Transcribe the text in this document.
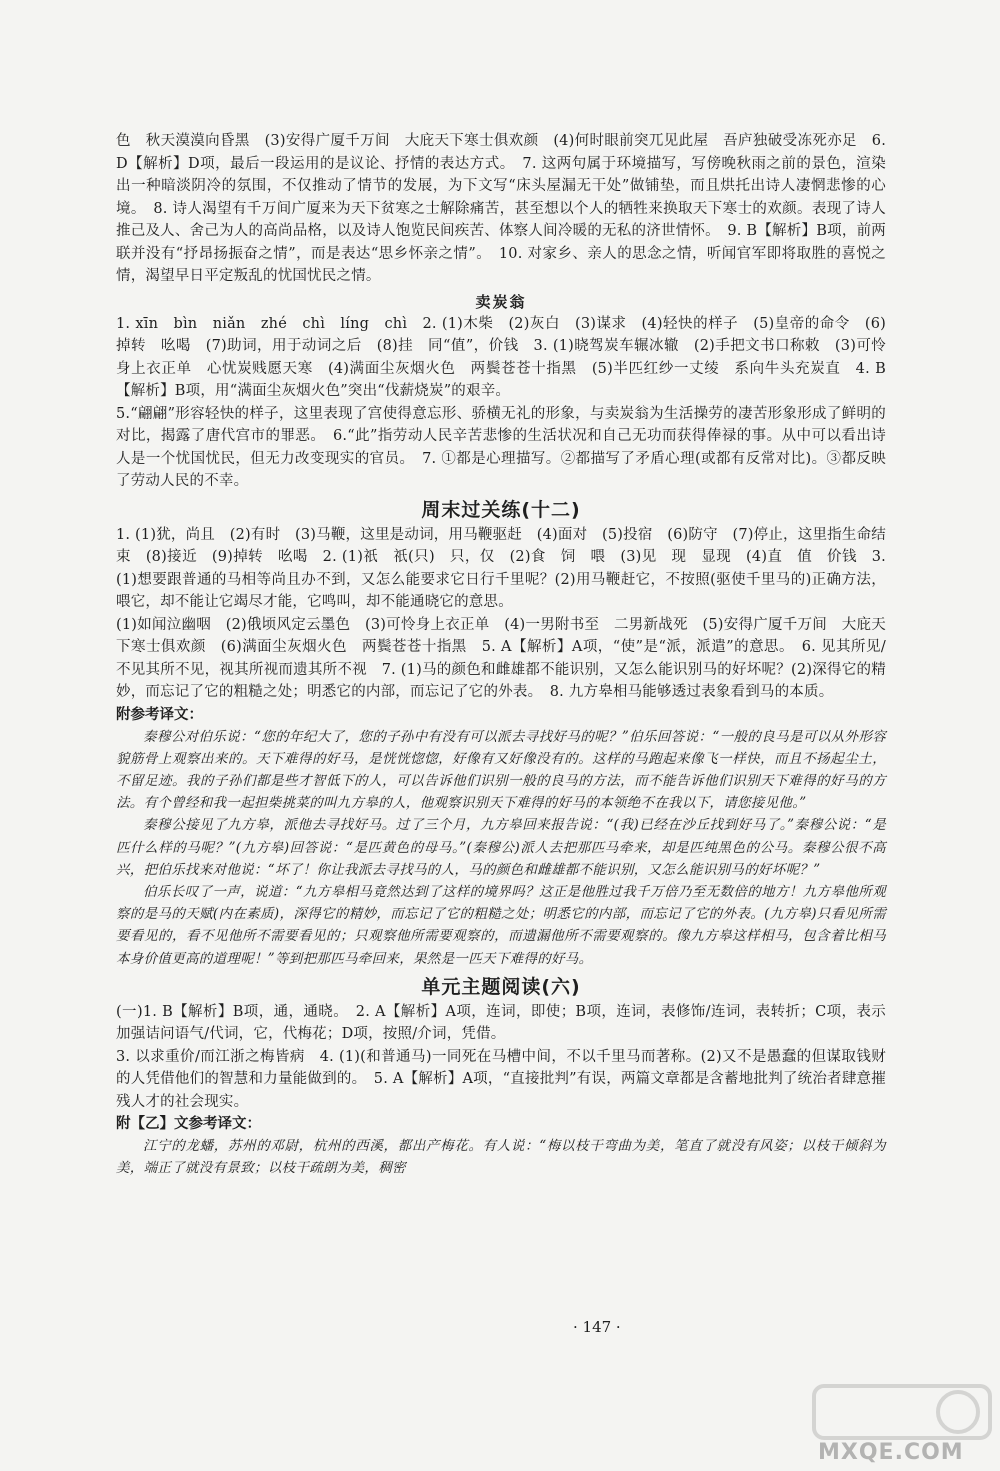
色　秋天漠漠向昏黑　(3)安得广厦千万间　大庇天下寒士俱欢颜　(4)何时眼前突兀见此屋　吾庐独破受冻死亦足　6. D【解析】D项，最后一段运用的是议论、抒情的表达方式。　7. 这两句属于环境描写，写傍晚秋雨之前的景色，渲染出一种暗淡阴冷的氛围，不仅推动了情节的发展，为下文写“床头屋漏无干处”做铺垫，而且烘托出诗人凄惘悲惨的心境。　8. 诗人渴望有千万间广厦来为天下贫寒之士解除痛苦，甚至想以个人的牺牲来换取天下寒士的欢颜。表现了诗人推己及人、舍己为人的高尚品格，以及诗人饱览民间疾苦、体察人间冷暖的无私的济世情怀。　9. B【解析】B项，前两联并没有“抒昂扬振奋之情”，而是表达“思乡怀亲之情”。　10. 对家乡、亲人的思念之情，听闻官军即将取胜的喜悦之情，渴望早日平定叛乱的忧国忧民之情。

卖炭翁

1. xīn　bìn　niǎn　zhé　chì　líng　chì　2. (1)木柴　(2)灰白　(3)谋求　(4)轻快的样子　(5)皇帝的命令　(6)掉转　吆喝　(7)助词，用于动词之后　(8)挂　同“值”，价钱　3. (1)晓驾炭车辗冰辙　(2)手把文书口称敕　(3)可怜身上衣正单　心忧炭贱愿天寒　(4)满面尘灰烟火色　两鬓苍苍十指黑　(5)半匹红纱一丈绫　系向牛头充炭直　4. B【解析】B项，用“满面尘灰烟火色”突出“伐薪烧炭”的艰辛。

5.“翩翩”形容轻快的样子，这里表现了宫使得意忘形、骄横无礼的形象，与卖炭翁为生活操劳的凄苦形象形成了鲜明的对比，揭露了唐代宫市的罪恶。　6.“此”指劳动人民辛苦悲惨的生活状况和自己无功而获得俸禄的事。从中可以看出诗人是一个忧国忧民，但无力改变现实的官员。　7. ①都是心理描写。②都描写了矛盾心理(或都有反常对比)。③都反映了劳动人民的不幸。

周末过关练(十二)

1. (1)犹，尚且　(2)有时　(3)马鞭，这里是动词，用马鞭驱赶　(4)面对　(5)投宿　(6)防守　(7)停止，这里指生命结束　(8)接近　(9)掉转　吆喝　2. (1)祇　祇(只)　只，仅　(2)食　饲　喂　(3)见　现　显现　(4)直　值　价钱　3. (1)想要跟普通的马相等尚且办不到，又怎么能要求它日行千里呢？(2)用马鞭赶它，不按照(驱使千里马的)正确方法，喂它，却不能让它竭尽才能，它鸣叫，却不能通晓它的意思。

(1)如闻泣幽咽　(2)俄顷风定云墨色　(3)可怜身上衣正单　(4)一男附书至　二男新战死　(5)安得广厦千万间　大庇天下寒士俱欢颜　(6)满面尘灰烟火色　两鬓苍苍十指黑　5. A【解析】A项，“使”是“派，派遣”的意思。　6. 见其所见/不见其所不见，视其所视而遗其所不视　7. (1)马的颜色和雌雄都不能识别，又怎么能识别马的好坏呢？(2)深得它的精妙，而忘记了它的粗糙之处；明悉它的内部，而忘记了它的外表。　8. 九方皋相马能够透过表象看到马的本质。

附参考译文：

秦穆公对伯乐说：“您的年纪大了，您的子孙中有没有可以派去寻找好马的呢？”伯乐回答说：“一般的良马是可以从外形容貌筋骨上观察出来的。天下难得的好马，是恍恍惚惚，好像有又好像没有的。这样的马跑起来像飞一样快，而且不扬起尘土，不留足迹。我的子孙们都是些才智低下的人，可以告诉他们识别一般的良马的方法，而不能告诉他们识别天下难得的好马的方法。有个曾经和我一起担柴挑菜的叫九方皋的人，他观察识别天下难得的好马的本领绝不在我以下，请您接见他。”

秦穆公接见了九方皋，派他去寻找好马。过了三个月，九方皋回来报告说：“(我)已经在沙丘找到好马了。”秦穆公说：“是匹什么样的马呢？”(九方皋)回答说：“是匹黄色的母马。”(秦穆公)派人去把那匹马牵来，却是匹纯黑色的公马。秦穆公很不高兴，把伯乐找来对他说：“坏了！你让我派去寻找马的人，马的颜色和雌雄都不能识别，又怎么能识别马的好坏呢？”

伯乐长叹了一声，说道：“九方皋相马竟然达到了这样的境界吗？这正是他胜过我千万倍乃至无数倍的地方！九方皋他所观察的是马的天赋(内在素质)，深得它的精妙，而忘记了它的粗糙之处；明悉它的内部，而忘记了它的外表。(九方皋)只看见所需要看见的，看不见他所不需要看见的；只观察他所需要观察的，而遗漏他所不需要观察的。像九方皋这样相马，包含着比相马本身价值更高的道理呢！”等到把那匹马牵回来，果然是一匹天下难得的好马。

单元主题阅读(六)

(一)1. B【解析】B项，通，通晓。　2. A【解析】A项，连词，即使；B项，连词，表修饰/连词，表转折；C项，表示加强诘问语气/代词，它，代梅花；D项，按照/介词，凭借。

3. 以求重价/而江浙之梅皆病　4. (1)(和普通马)一同死在马槽中间，不以千里马而著称。(2)又不是愚蠢的但谋取钱财的人凭借他们的智慧和力量能做到的。　5. A【解析】A项，“直接批判”有误，两篇文章都是含蓄地批判了统治者肆意摧残人才的社会现实。

附【乙】文参考译文：

江宁的龙蟠，苏州的邓尉，杭州的西溪，都出产梅花。有人说：“梅以枝干弯曲为美，笔直了就没有风姿；以枝干倾斜为美，端正了就没有景致；以枝干疏朗为美，稠密

· 147 ·
MXQE.COM
